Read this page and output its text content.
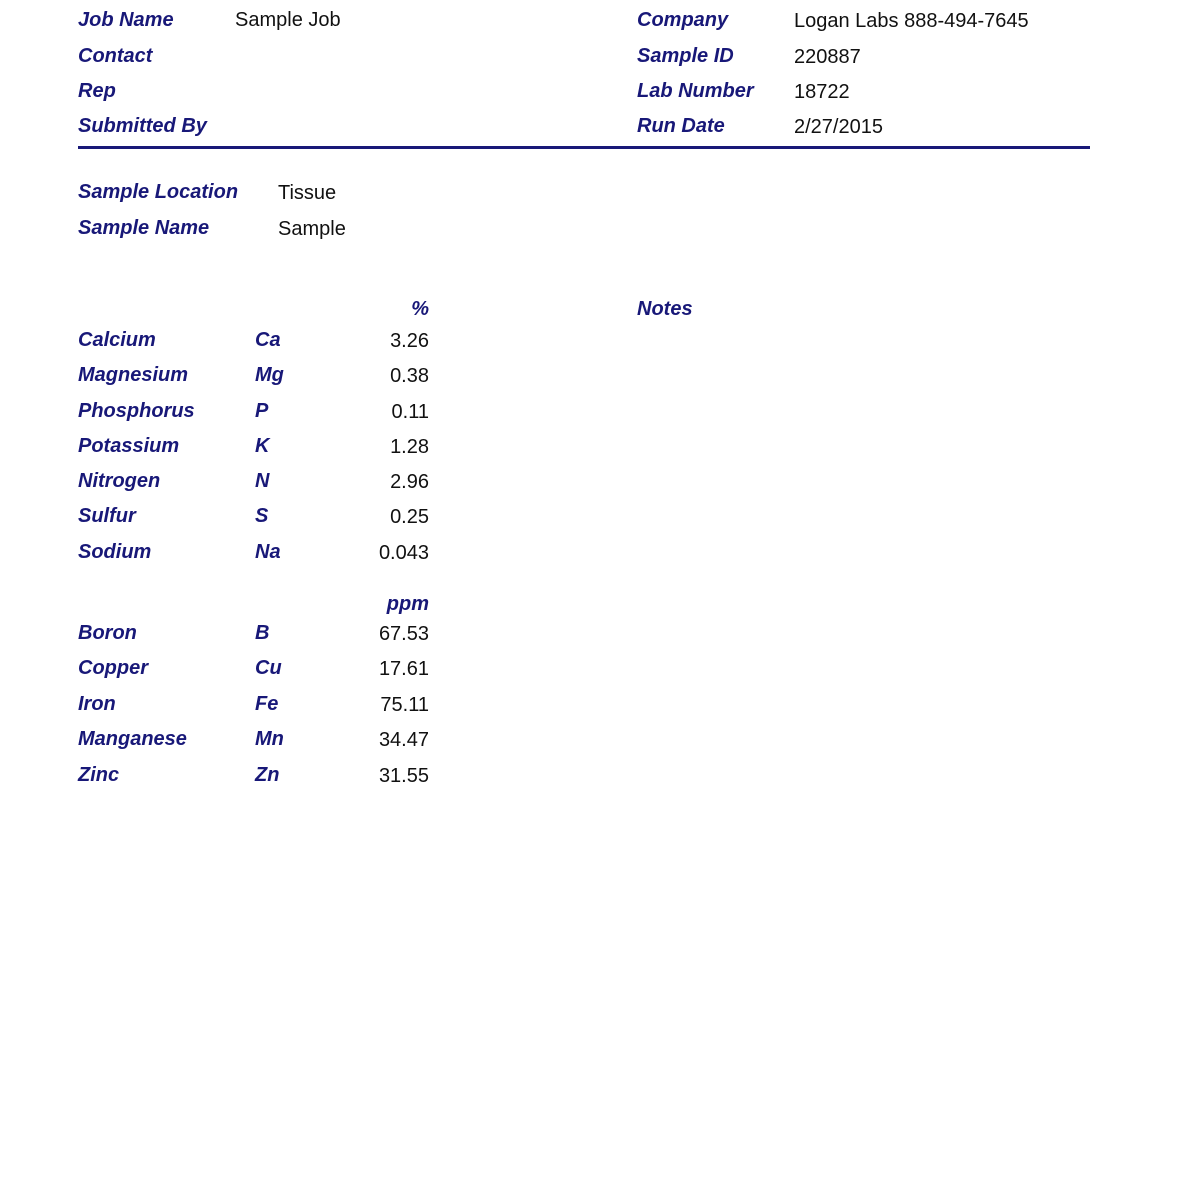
Job Name	Sample Job
Contact
Rep
Submitted By
Company	Logan Labs 888-494-7645
Sample ID	220887
Lab Number 18722
Run Date	2/27/2015
Sample Location Tissue
Sample Name	Sample
Notes
%
Calcium	Ca	3.26
Magnesium	Mg	0.38
Phosphorus	P	0.11
Potassium	K	1.28
Nitrogen	N	2.96
Sulfur	S	0.25
Sodium	Na	0.043
ppm
Boron	B	67.53
Copper	Cu	17.61
Iron	Fe	75.11
Manganese	Mn	34.47
Zinc	Zn	31.55
